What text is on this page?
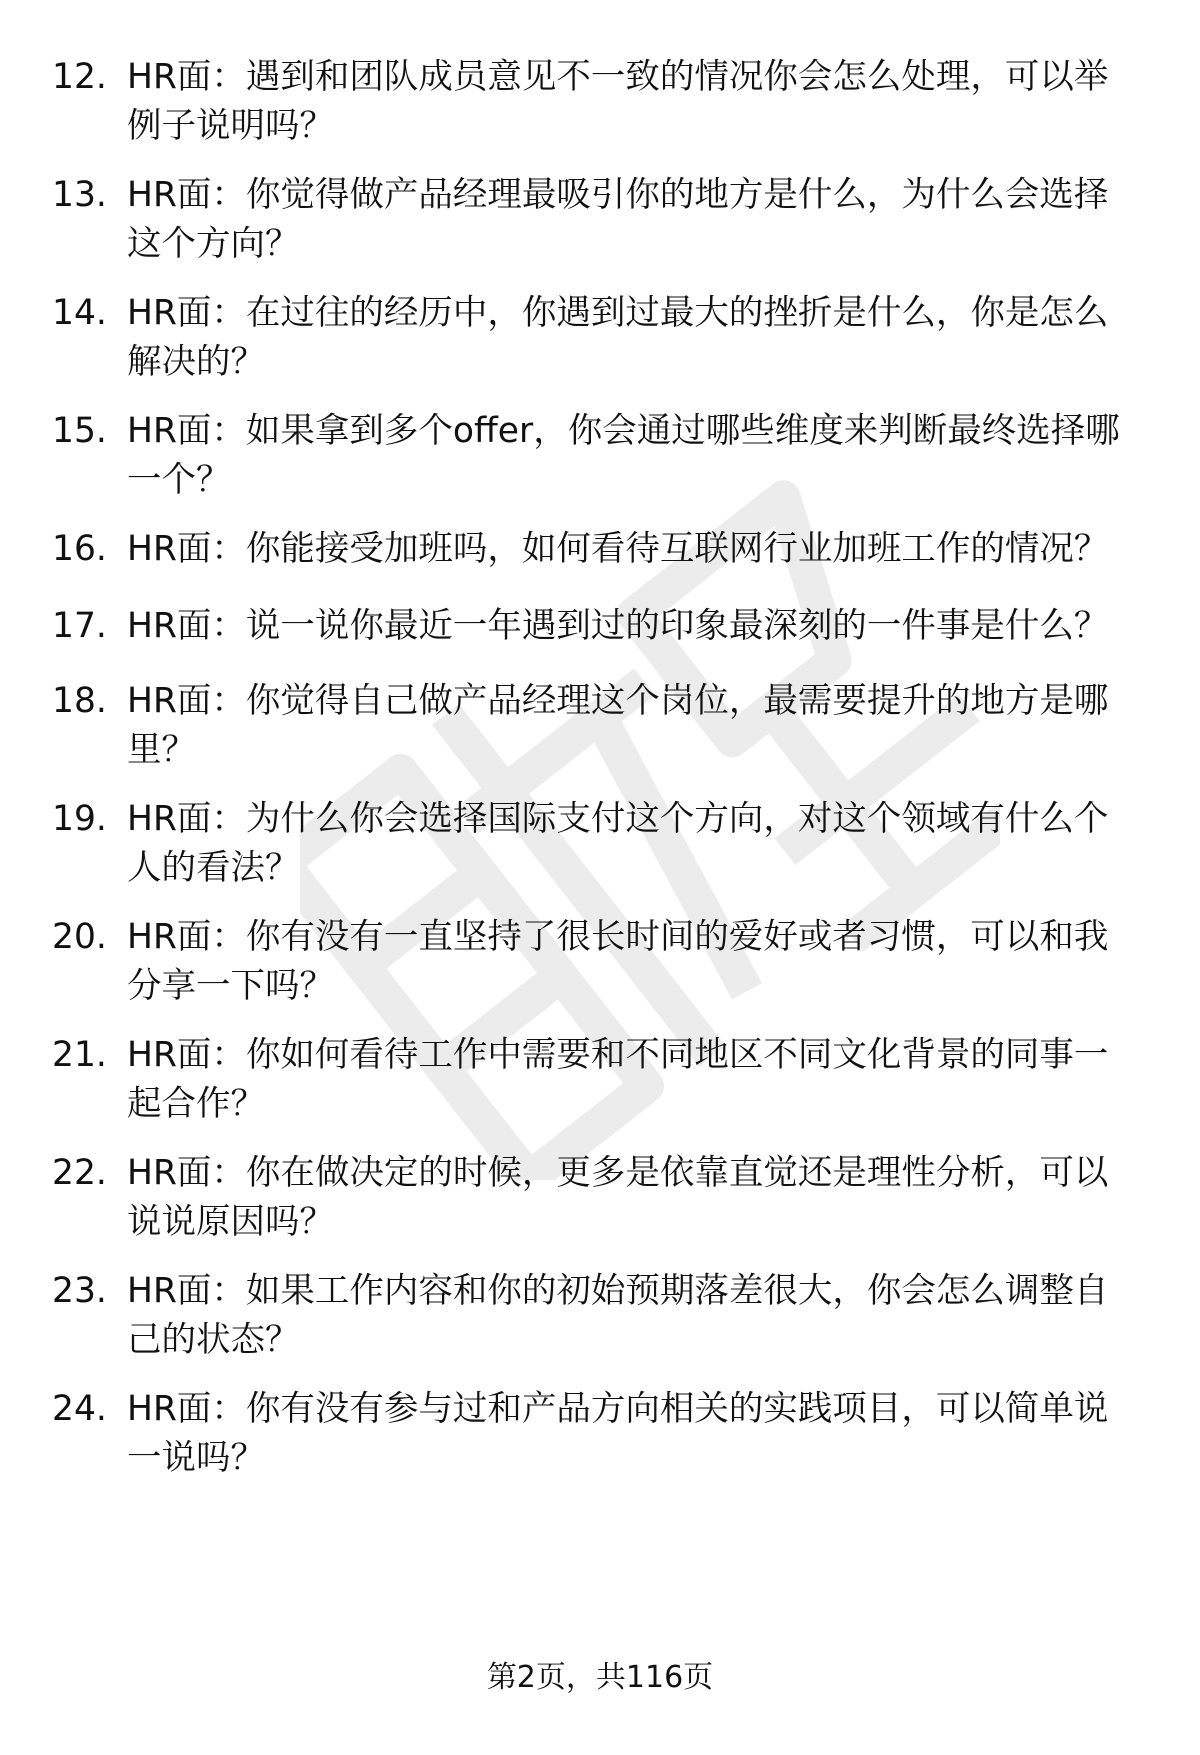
12. HR面：遇到和团队成员意见不一致的情况你会怎么处理，可以举例子说明吗？
13. HR面：你觉得做产品经理最吸引你的地方是什么，为什么会选择这个方向？
14. HR面：在过往的经历中，你遇到过最大的挫折是什么，你是怎么解决的？
15. HR面：如果拿到多个offer，你会通过哪些维度来判断最终选择哪一个？
16. HR面：你能接受加班吗，如何看待互联网行业加班工作的情况？
17. HR面：说一说你最近一年遇到过的印象最深刻的一件事是什么？
18. HR面：你觉得自己做产品经理这个岗位，最需要提升的地方是哪里？
19. HR面：为什么你会选择国际支付这个方向，对这个领域有什么个人的看法？
20. HR面：你有没有一直坚持了很长时间的爱好或者习惯，可以和我分享一下吗？
21. HR面：你如何看待工作中需要和不同地区不同文化背景的同事一起合作？
22. HR面：你在做决定的时候，更多是依靠直觉还是理性分析，可以说说原因吗？
23. HR面：如果工作内容和你的初始预期落差很大，你会怎么调整自己的状态？
24. HR面：你有没有参与过和产品方向相关的实践项目，可以简单说一说吗？
第2页，共116页
